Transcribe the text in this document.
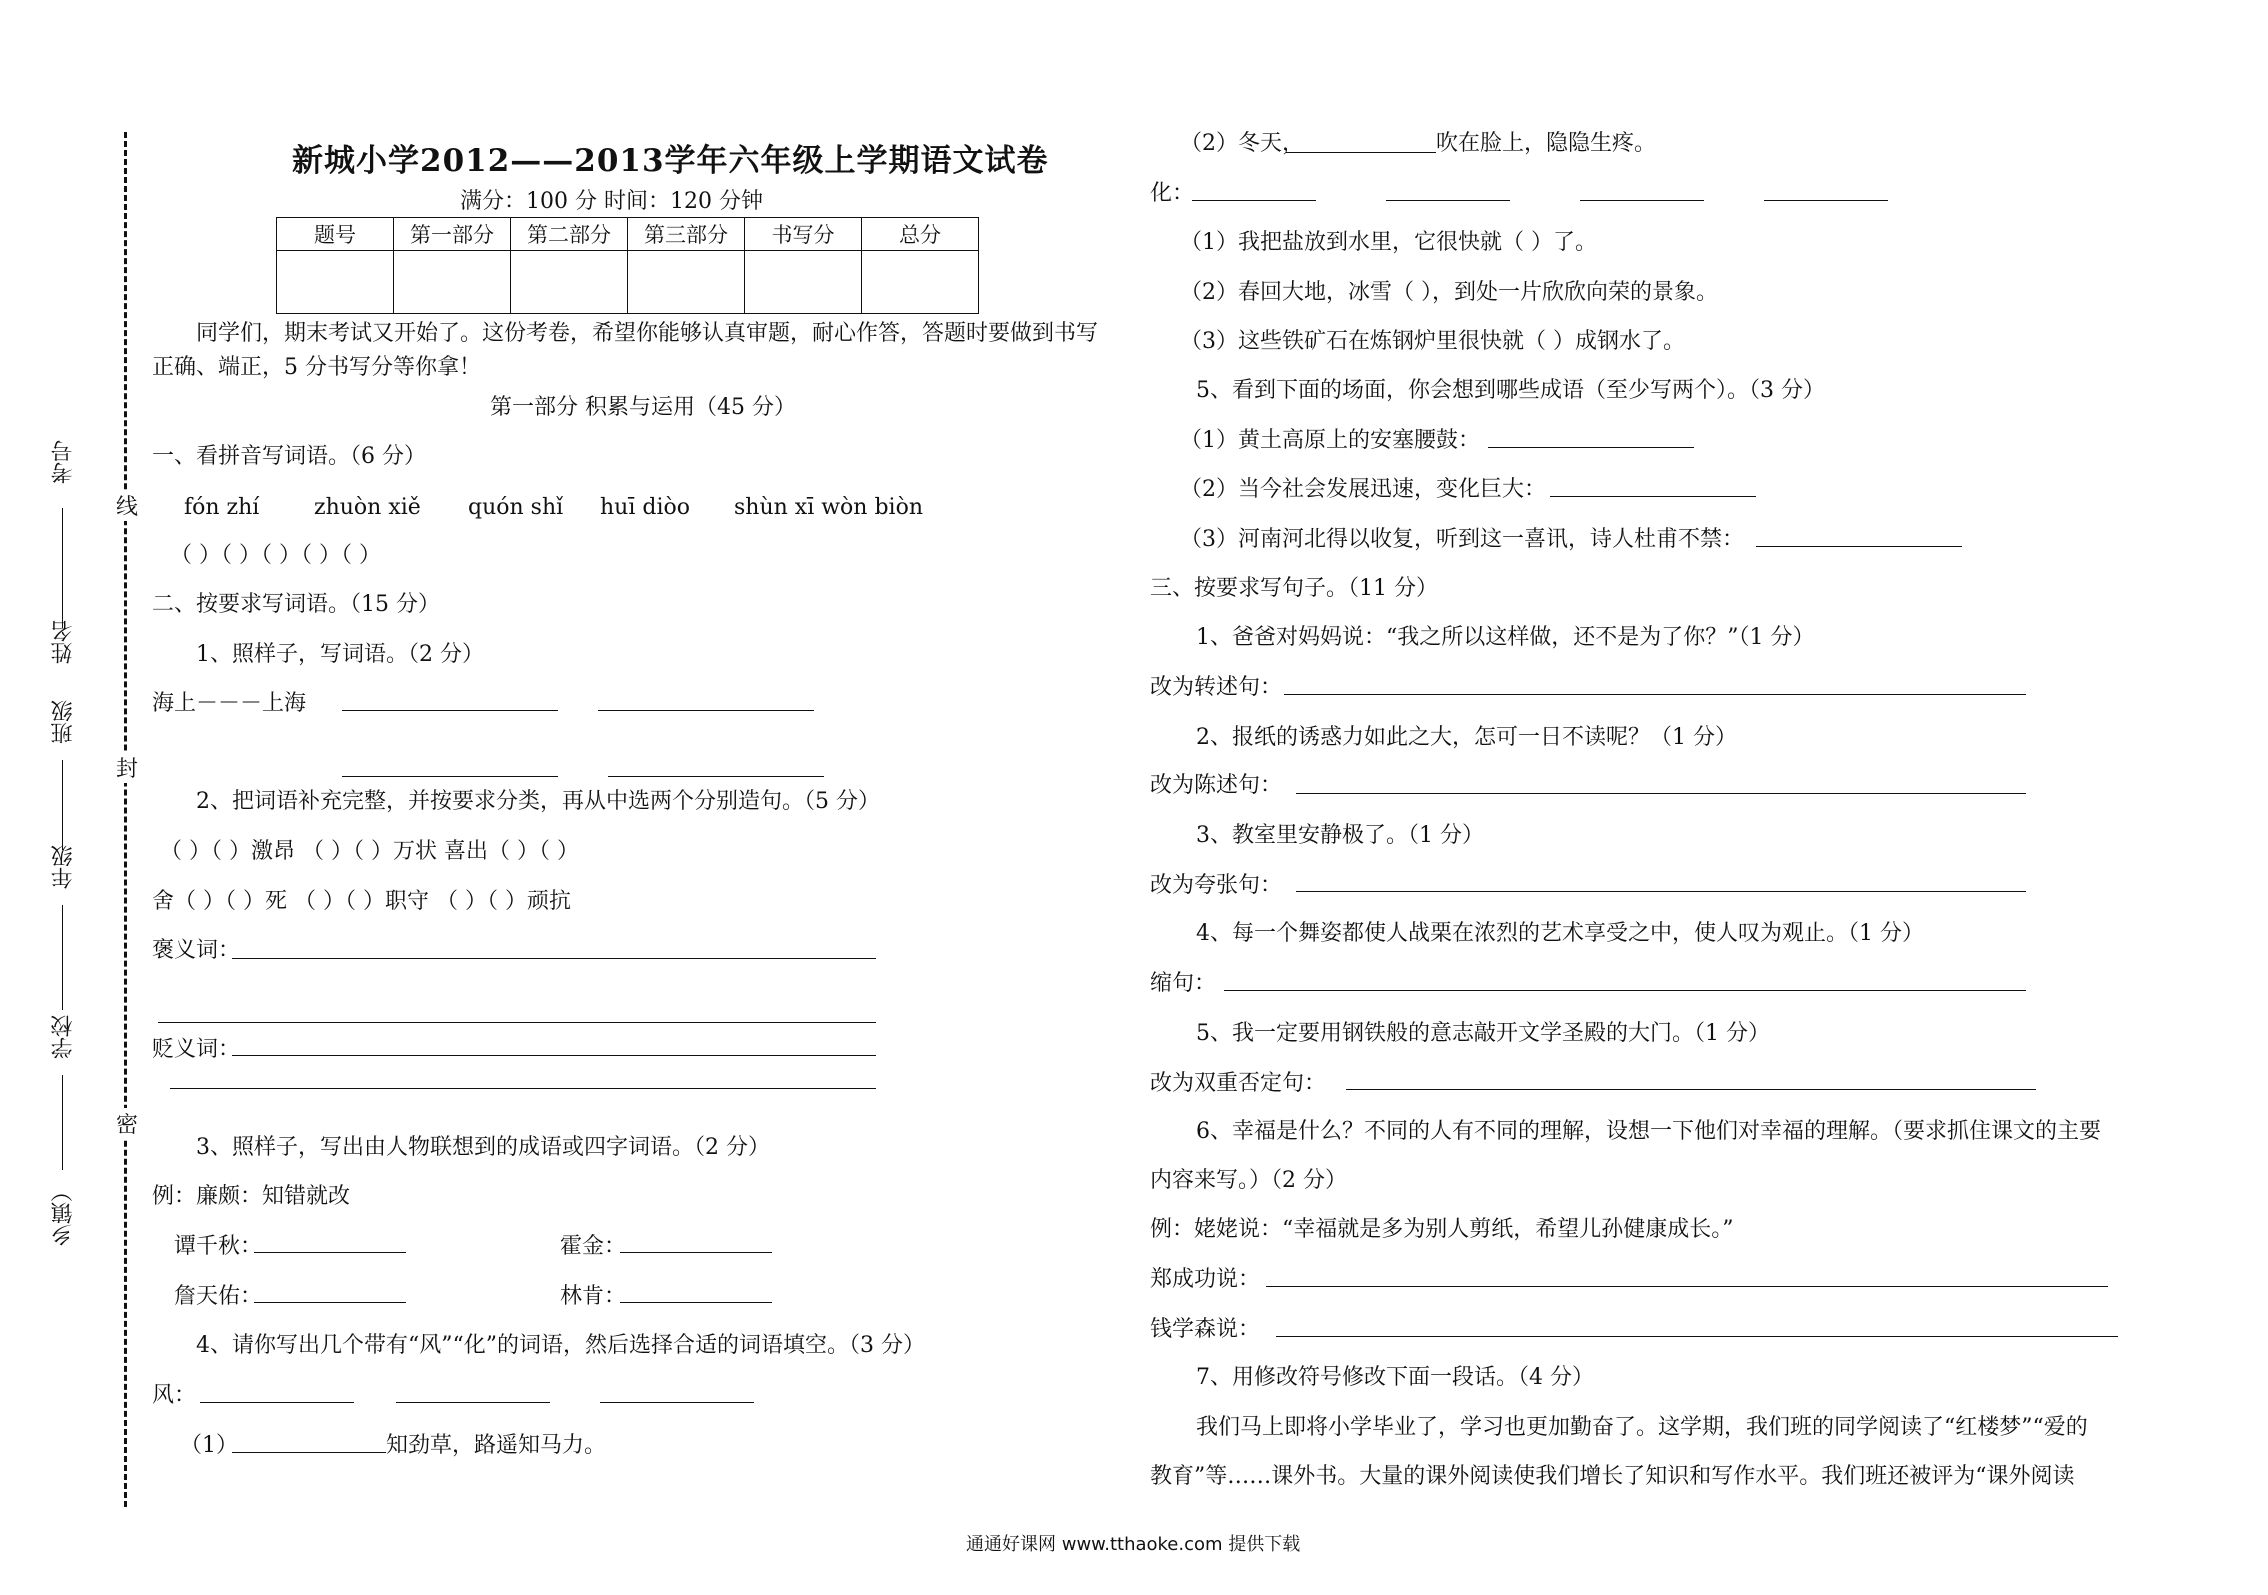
考号
姓名
班级
年级
学校
乡镇）
线
封
密
新城小学2012——2013学年六年级上学期语文试卷
满分：100 分 时间：120 分钟
题号	第一部分	第二部分	第三部分	书写分	总分

同学们，期末考试又开始了。这份考卷，希望你能够认真审题，耐心作答，答题时要做到书写
正确、端正，5 分书写分等你拿！
第一部分 积累与运用（45 分）
一、看拼音写词语。（6 分）
fón zhí zhuòn xiě quón shǐ huī diòo shùn xī wòn biòn
（ ）（ ）（ ）（ ）（ ）
二、按要求写词语。（15 分）
1、照样子，写词语。（2 分）
海上－－－上海
2、把词语补充完整，并按要求分类，再从中选两个分别造句。（5 分）
（ ）（ ）激昂 （ ）（ ）万状 喜出（ ）（ ）
舍（ ）（ ）死 （ ）（ ）职守 （ ）（ ）顽抗
褒义词：
贬义词：
3、照样子，写出由人物联想到的成语或四字词语。（2 分）
例：廉颇：知错就改
谭千秋：	霍金：
詹天佑：	林肯：
4、请你写出几个带有“风”“化”的词语，然后选择合适的词语填空。（3 分）
风：
（1）	知劲草，路遥知马力。
（2）冬天，	吹在脸上，隐隐生疼。
化：
（1）我把盐放到水里，它很快就（ ）了。
（2）春回大地，冰雪（ ），到处一片欣欣向荣的景象。
（3）这些铁矿石在炼钢炉里很快就（ ）成钢水了。
5、看到下面的场面，你会想到哪些成语（至少写两个）。（3 分）
（1）黄土高原上的安塞腰鼓：
（2）当今社会发展迅速，变化巨大：
（3）河南河北得以收复，听到这一喜讯，诗人杜甫不禁：
三、按要求写句子。（11 分）
1、爸爸对妈妈说：“我之所以这样做，还不是为了你？”（1 分）
改为转述句：
2、报纸的诱惑力如此之大，怎可一日不读呢？（1 分）
改为陈述句：
3、教室里安静极了。（1 分）
改为夸张句：
4、每一个舞姿都使人战栗在浓烈的艺术享受之中，使人叹为观止。（1 分）
缩句：
5、我一定要用钢铁般的意志敲开文学圣殿的大门。（1 分）
改为双重否定句：
6、幸福是什么？不同的人有不同的理解，设想一下他们对幸福的理解。（要求抓住课文的主要
内容来写。）（2 分）
例：姥姥说：“幸福就是多为别人剪纸，希望儿孙健康成长。”
郑成功说：
钱学森说：
7、用修改符号修改下面一段话。（4 分）
我们马上即将小学毕业了，学习也更加勤奋了。这学期，我们班的同学阅读了“红楼梦”“爱的
教育”等……课外书。大量的课外阅读使我们增长了知识和写作水平。我们班还被评为“课外阅读
通通好课网 www.tthaoke.com 提供下载
